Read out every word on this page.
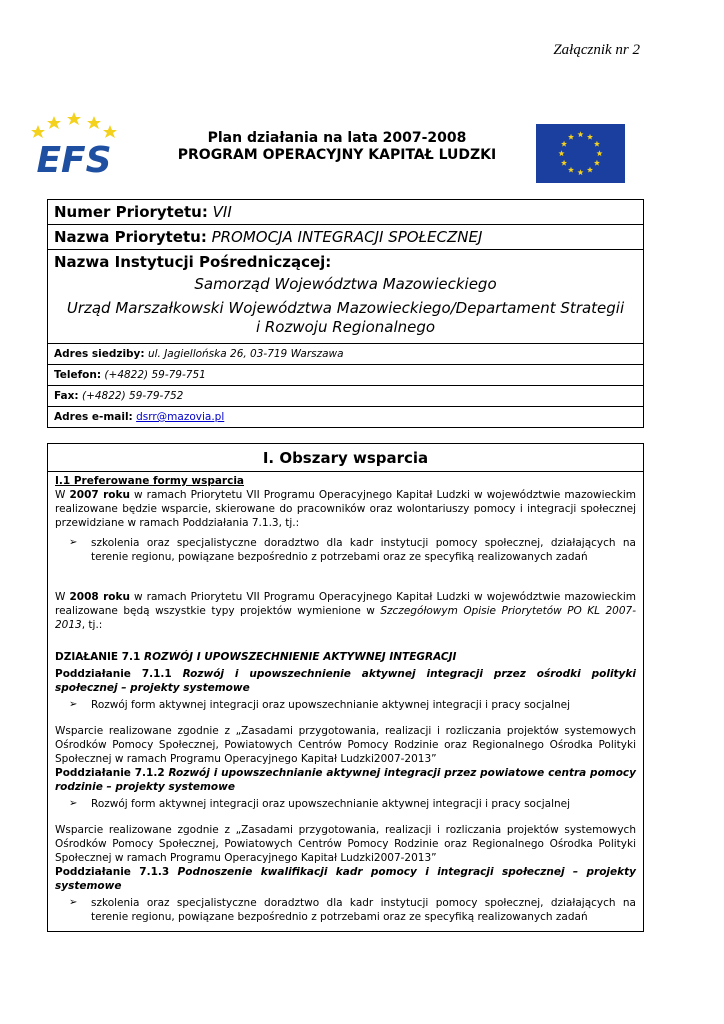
Załącznik nr 2
EFS
Plan działania na lata 2007-2008
PROGRAM OPERACYJNY KAPITAŁ LUDZKI
Numer Priorytetu: VII
Nazwa Priorytetu: PROMOCJA INTEGRACJI SPOŁECZNEJ
Nazwa Instytucji Pośredniczącej:
Samorząd Województwa Mazowieckiego
Urząd Marszałkowski Województwa Mazowieckiego/Departament Strategii
i Rozwoju Regionalnego
Adres siedziby: ul. Jagiellońska 26, 03-719 Warszawa
Telefon: (+4822) 59-79-751
Fax: (+4822) 59-79-752
Adres e-mail: dsrr@mazovia.pl
I. Obszary wsparcia
I.1 Preferowane formy wsparcia

W 2007 roku w ramach Priorytetu VII Programu Operacyjnego Kapitał Ludzki w województwie mazowieckim realizowane będzie wsparcie, skierowane do pracowników oraz wolontariuszy pomocy i integracji społecznej przewidziane w ramach Poddziałania 7.1.3, tj.:

➢	szkolenia oraz specjalistyczne doradztwo dla kadr instytucji pomocy społecznej, działających na terenie regionu, powiązane bezpośrednio z potrzebami oraz ze specyfiką realizowanych zadań

W 2008 roku w ramach Priorytetu VII Programu Operacyjnego Kapitał Ludzki w województwie mazowieckim realizowane będą wszystkie typy projektów wymienione w Szczegółowym Opisie Priorytetów PO KL 2007-2013, tj.:

DZIAŁANIE 7.1 ROZWÓJ I UPOWSZECHNIENIE AKTYWNEJ INTEGRACJI

Poddziałanie 7.1.1 Rozwój i upowszechnienie aktywnej integracji przez ośrodki polityki społecznej – projekty systemowe

➢	Rozwój form aktywnej integracji oraz upowszechnianie aktywnej integracji i pracy socjalnej

Wsparcie realizowane zgodnie z „Zasadami przygotowania, realizacji i rozliczania projektów systemowych Ośrodków Pomocy Społecznej, Powiatowych Centrów Pomocy Rodzinie oraz Regionalnego Ośrodka Polityki Społecznej w ramach Programu Operacyjnego Kapitał Ludzki2007-2013”

Poddziałanie 7.1.2 Rozwój i upowszechnianie aktywnej integracji przez powiatowe centra pomocy rodzinie – projekty systemowe

➢	Rozwój form aktywnej integracji oraz upowszechnianie aktywnej integracji i pracy socjalnej

Wsparcie realizowane zgodnie z „Zasadami przygotowania, realizacji i rozliczania projektów systemowych Ośrodków Pomocy Społecznej, Powiatowych Centrów Pomocy Rodzinie oraz Regionalnego Ośrodka Polityki Społecznej w ramach Programu Operacyjnego Kapitał Ludzki2007-2013”

Poddziałanie 7.1.3 Podnoszenie kwalifikacji kadr pomocy i integracji społecznej – projekty systemowe

➢	szkolenia oraz specjalistyczne doradztwo dla kadr instytucji pomocy społecznej, działających na terenie regionu, powiązane bezpośrednio z potrzebami oraz ze specyfiką realizowanych zadań
